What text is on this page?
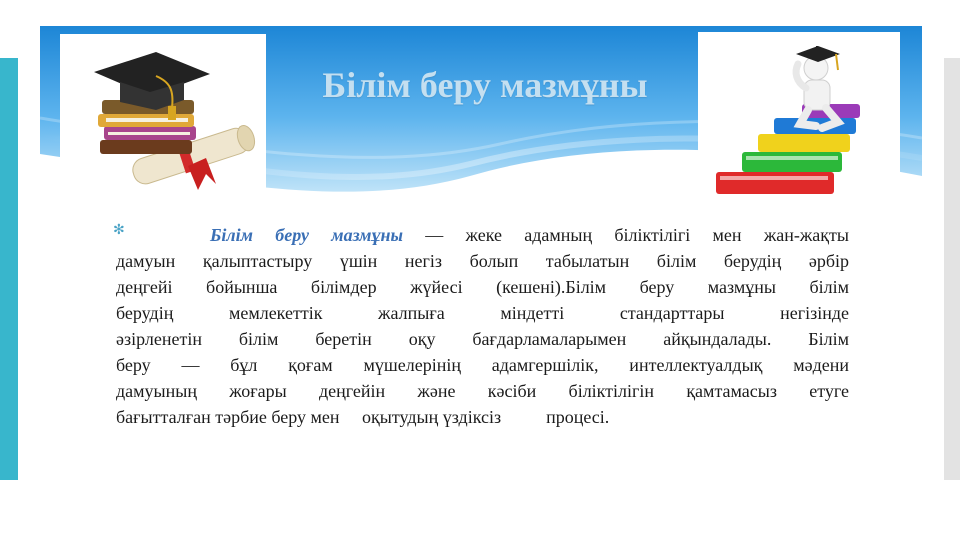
Білім беру мазмұны
✻	Білім беру мазмұны — жеке адамның біліктілігі мен жан-жақты
дамуын қалыптастыру үшін негіз болып табылатын білім берудің әрбір
деңгейі бойынша білімдер жүйесі (кешені).Білім беру мазмұны білім
берудің мемлекеттік жалпыға міндетті стандарттары негізінде
әзірленетін білім беретін оқу бағдарламаларымен айқындалады. Білім
беру — бұл қоғам мүшелерінің адамгершілік, интеллектуалдық мәдени
дамуының жоғары деңгейін және кәсіби біліктілігін қамтамасыз етуге
бағытталған тәрбие беру мен     оқытудың үздіксіз          процесі.
